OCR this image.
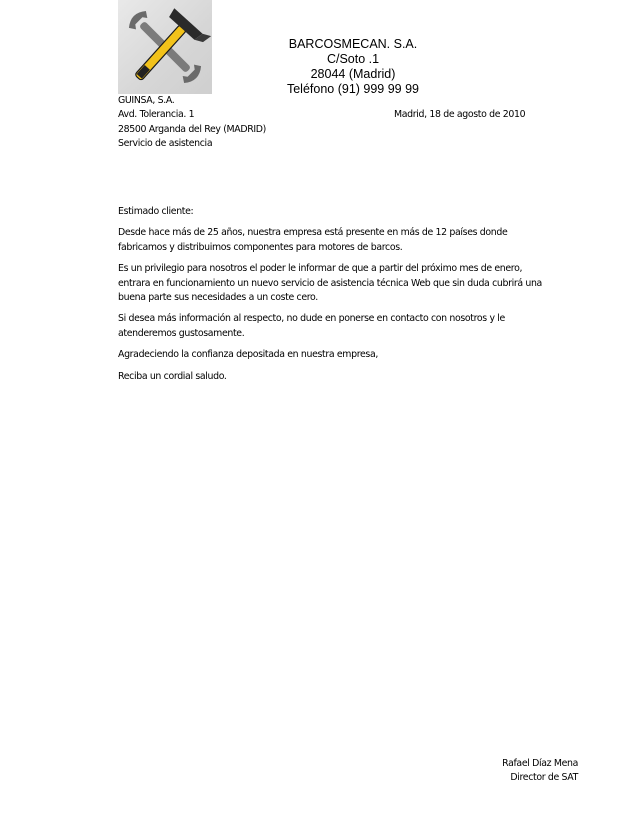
BARCOSMECAN. S.A.
C/Soto .1
28044 (Madrid)
Teléfono (91) 999 99 99
GUINSA, S.A.
Avd. Tolerancia. 1
28500 Arganda del Rey (MADRID)
Servicio de asistencia
Madrid, 18 de agosto de 2010

Estimado cliente:

Desde hace más de 25 años, nuestra empresa está presente en más de 12 países donde
fabricamos y distribuimos componentes para motores de barcos.

Es un privilegio para nosotros el poder le informar de que a partir del próximo mes de enero,
entrara en funcionamiento un nuevo servicio de asistencia técnica Web que sin duda cubrirá una
buena parte sus necesidades a un coste cero.

Si desea más información al respecto, no dude en ponerse en contacto con nosotros y le
atenderemos gustosamente.

Agradeciendo la confianza depositada en nuestra empresa,

Reciba un cordial saludo.

Rafael Díaz Mena
Director de SAT
